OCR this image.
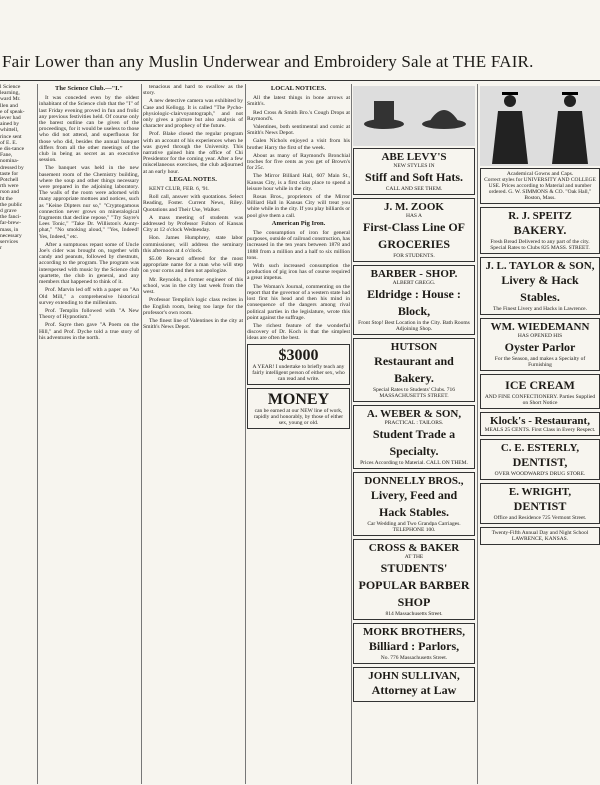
Fair Lower than any Muslin Underwear and Embroidery Sale at THE FAIR.
l Science
learning,
ward Mr.
llen and
e of speak-
iever had
ained by
whittell,
rince sent
of E. E.
e dis-tance
Fane,
nomina-
dressed by
taste for
Potchell
rth were
rson and
ht the
the public
d grave
the fanci-
far-brew-
mass, in
necessary
services
r
The Science Club.—"I."

It was conceded even by the oldest inhabitant of the Science club that the "I" of last Friday evening proved in fun and frolic any previous festivities held. Of course only the barest outline can be given of the proceedings, for it would be useless to those who did not attend, and superfluous for those who did, besides the annual banquet differs from all the other meetings of the club in being as secret as an executive session.

The banquet was held in the new basement room of the Chemistry building, where the soup and other things necessary were prepared in the adjoining laboratory. The walls of the room were adorned with many appropriate mottoes and notices, such as "Keine Dipters nur so," "Cryptogamous connection never grows on mineralogical fragments that decline repose," "Try Sayre's Lees Tonic," "Take Dr. Williston's Aunty-phat," "No smoking aloud," "Yes, Indeed! Yes, Indeed," etc.

After a sumptuous repast some of Uncle Joe's cider was brought on, together with candy and peanuts, followed by chestnuts, according to the program. The program was interspersed with music by the Science club quartette, the club in general, and any members that happened to think of it.

Prof. Marvin led off with a paper on "An Old Mill," a comprehensive historical survey extending to the millenium.

Prof. Templin followed with "A New Theory of Hypnotism."

Prof. Sayre then gave "A Poem on the Hill," and Prof. Dyche told a true story of his adventures in the north.

tenacious and hard to swallow as the story.

A new detective camera was exhibited by Case and Kellogg. It is called "The Pycho-physiologic-clairvoyantograph," and not only gives a picture but also analysis of character and prophecy of the future.

Prof. Blake closed the regular program with an account of his experiences when he was guyed through the University. This narrative gained him the office of Chi Presidentor for the coming year. After a few miscellaneous exercises, the club adjourned at an early hour.

LEGAL NOTES.

KENT CLUB, FEB. 6, '91.

Roll call, answer with quotations. Select Reading, Foster. Current News, Riley. Quotations and Their Use, Walker.

A mass meeting of students was addressed by Professor Fulton of Kansas City at 12 o'clock Wednesday.

Hon. James Humphrey, state labor commissioner, will address the seminary this afternoon at 4 o'clock.

$5.00 Reward offered for the most appropriate name for a man who will step on your corns and then not apologize.

Mr. Reynolds, a former engineer of this school, was in the city last week from the west.

Professor Templin's logic class recites in the English room, being too large for the professor's own room.

The finest line of Valentines in the city at Smith's News Depot.

LOCAL NOTICES.

All the latest things in bone arrows at Smith's.

Red Cross & Smith Bro.'s Cough Drops at Raymond's.

Valentines, both sentimental and comic at Smith's News Depot.

Galen Nichols enjoyed a visit from his brother Harry the first of the week.

About as many of Raymond's Bronchial troches for five cents as you get of Brown's for 25c.

The Mirror Billiard Hall, 607 Main St., Kansas City, is a first class place to spend a leisure hour while in the city.

Rosas Bros., proprietors of the Mirror Billiard Hall in Kansas City will treat you white while in the city. If you play billiards or pool give them a call.

American Pig Iron.

The consumption of iron for general purposes, outside of railroad construction, has increased in the ten years between 1878 and 1888 from a million and a half to six million tons.

With such increased consumption the production of pig iron has of course required a great impetus.

The Woman's Journal, commenting on the report that the governor of a western state had lost first his head and then his mind in consequence of the dangers among rival political parties in the legislature, wrote this point against the suffrage.

The richest feature of the wonderful discovery of Dr. Koch is that the simplest ideas are often the best.

$3000
A YEAR! I undertake to briefly teach any fairly intelligent person of either sex, who can read and write.
MONEY
can be earned at our NEW line of work, rapidly and honorably, by those of either sex, young or old.
ABE LEVY'S
NEW STYLES IN
Stiff and Soft Hats.
CALL AND SEE THEM.
J. M. ZOOK
HAS A
First-Class Line OF GROCERIES
FOR STUDENTS.
BARBER - SHOP.
ALBERT GREGG.
Eldridge : House : Block,
Front Stop! Best Location in the City. Bath Rooms Adjoining Shop.
HUTSON
Restaurant and Bakery.
Special Rates to Students' Clubs. 716 MASSACHUSETTS STREET.
A. WEBER & SON,
PRACTICAL : TAILORS.
Student Trade a Specialty.
Prices According to Material. CALL ON THEM.
DONNELLY BROS.,
Livery, Feed and Hack Stables.
Car Wedding and Two Grandpa Carriages. TELEPHONE 100.
CROSS & BAKER
AT THE
STUDENTS' POPULAR BARBER SHOP
814 Massachusetts Street.
MORK BROTHERS,
Billiard : Parlors,
No. 776 Massachusetts Street.
JOHN SULLIVAN,
Attorney at Law
Academical Gowns and Caps.
Correct styles for UNIVERSITY AND COLLEGE USE. Prices according to Material and number ordered. G. W. SIMMONS & CO. "Oak Hall," Boston, Mass.
R. J. SPEITZ
BAKERY.
Fresh Bread Delivered to any part of the city. Special Rates to Clubs 825 MASS. STREET.
J. L. TAYLOR & SON,
Livery & Hack Stables.
The Finest Livery and Hacks in Lawrence.
WM. WIEDEMANN
HAS OPENED HIS
Oyster Parlor
For the Season, and makes a Specialty of Furnishing
ICE CREAM
AND FINE CONFECTIONERY. Parties Supplied on Short Notice
Klock's - Restaurant,
MEALS 25 CENTS. First Class in Every Respect.
C. E. ESTERLY,
DENTIST,
OVER WOODWARD'S DRUG STORE.
E. WRIGHT,
DENTIST
Office and Residence 725 Vermont Street.
Twenty-Fifth Annual Day and Night School LAWRENCE, KANSAS.
